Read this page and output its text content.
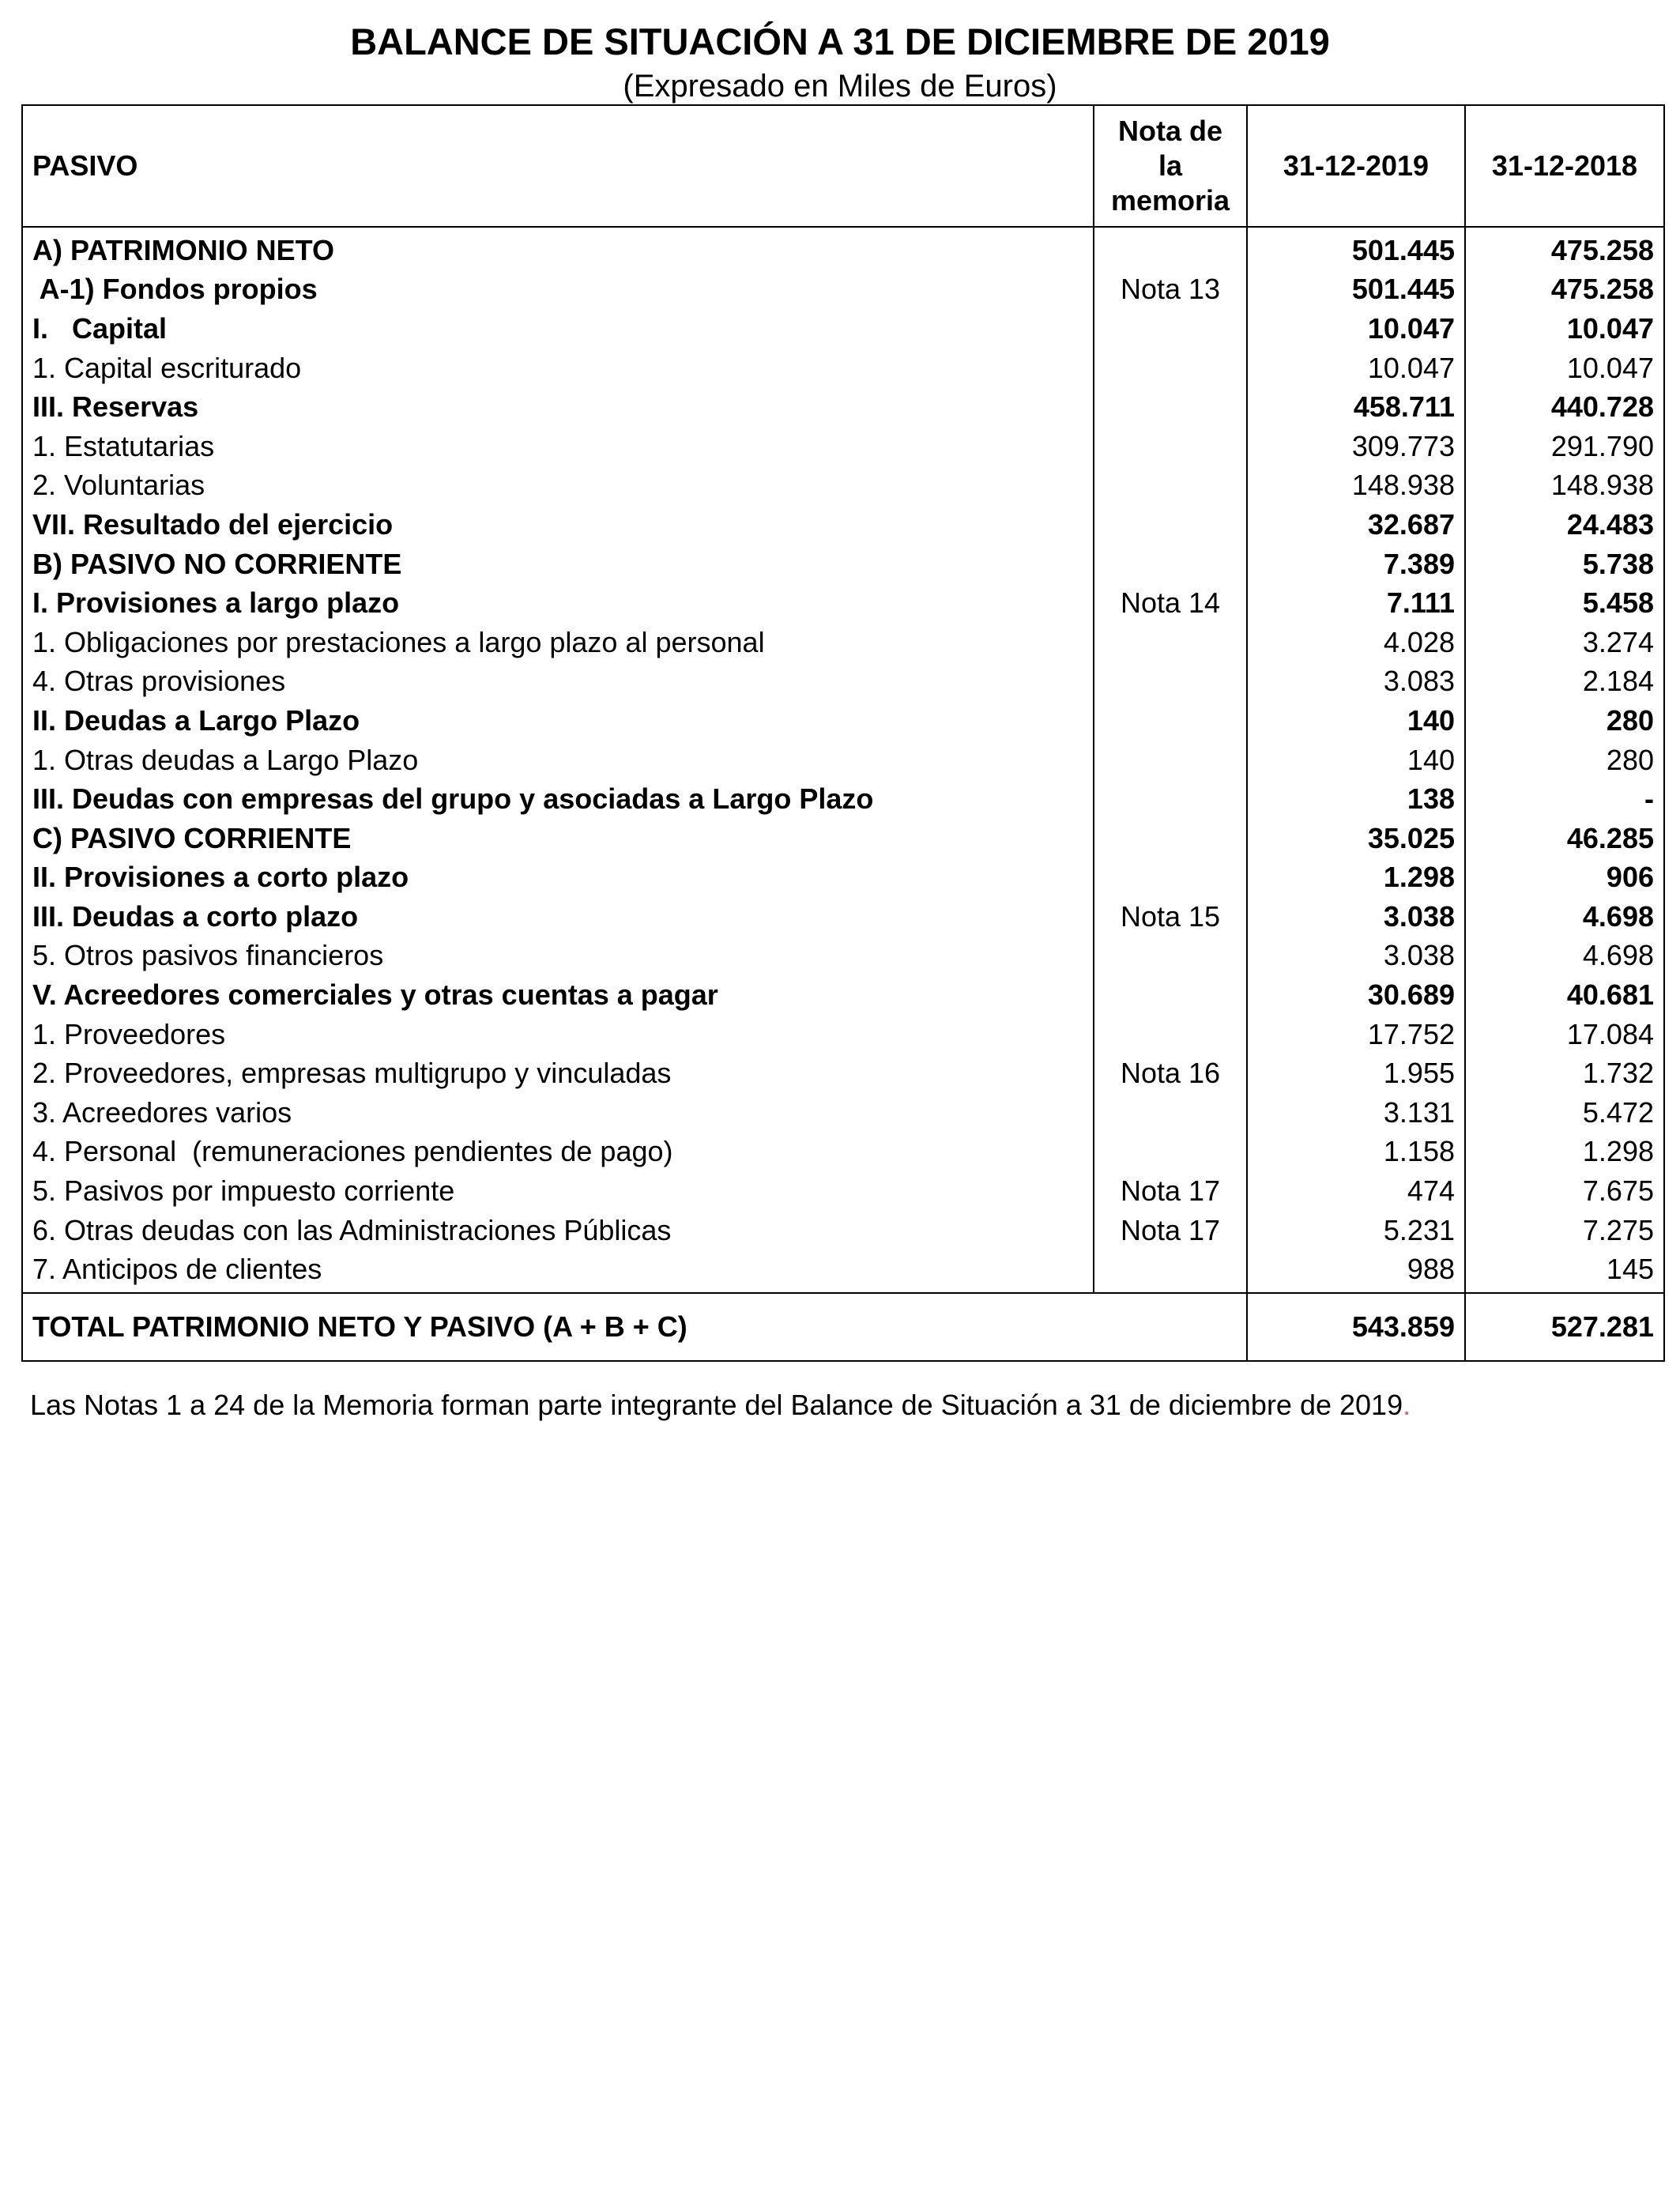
BALANCE DE SITUACIÓN A 31 DE DICIEMBRE DE 2019
(Expresado en Miles de Euros)
PASIVO	Nota de la memoria	31-12-2019	31-12-2018
A) PATRIMONIO NETO		501.445	475.258
A-1) Fondos propios	Nota 13	501.445	475.258
I.   Capital		10.047	10.047
1. Capital escriturado		10.047	10.047
III. Reservas		458.711	440.728
1. Estatutarias		309.773	291.790
2. Voluntarias		148.938	148.938
VII. Resultado del ejercicio		32.687	24.483
B) PASIVO NO CORRIENTE		7.389	5.738
I. Provisiones a largo plazo	Nota 14	7.111	5.458
1. Obligaciones por prestaciones a largo plazo al personal		4.028	3.274
4. Otras provisiones		3.083	2.184
II. Deudas a Largo Plazo		140	280
1. Otras deudas a Largo Plazo		140	280
III. Deudas con empresas del grupo y asociadas a Largo Plazo		138	-
C) PASIVO CORRIENTE		35.025	46.285
II. Provisiones a corto plazo		1.298	906
III. Deudas a corto plazo	Nota 15	3.038	4.698
5. Otros pasivos financieros		3.038	4.698
V. Acreedores comerciales y otras cuentas a pagar		30.689	40.681
1. Proveedores		17.752	17.084
2. Proveedores, empresas multigrupo y vinculadas	Nota 16	1.955	1.732
3. Acreedores varios		3.131	5.472
4. Personal  (remuneraciones pendientes de pago)		1.158	1.298
5. Pasivos por impuesto corriente	Nota 17	474	7.675
6. Otras deudas con las Administraciones Públicas	Nota 17	5.231	7.275
7. Anticipos de clientes		988	145
TOTAL PATRIMONIO NETO Y PASIVO (A + B + C)		543.859	527.281
Las Notas 1 a 24 de la Memoria forman parte integrante del Balance de Situación a 31 de diciembre de 2019.
